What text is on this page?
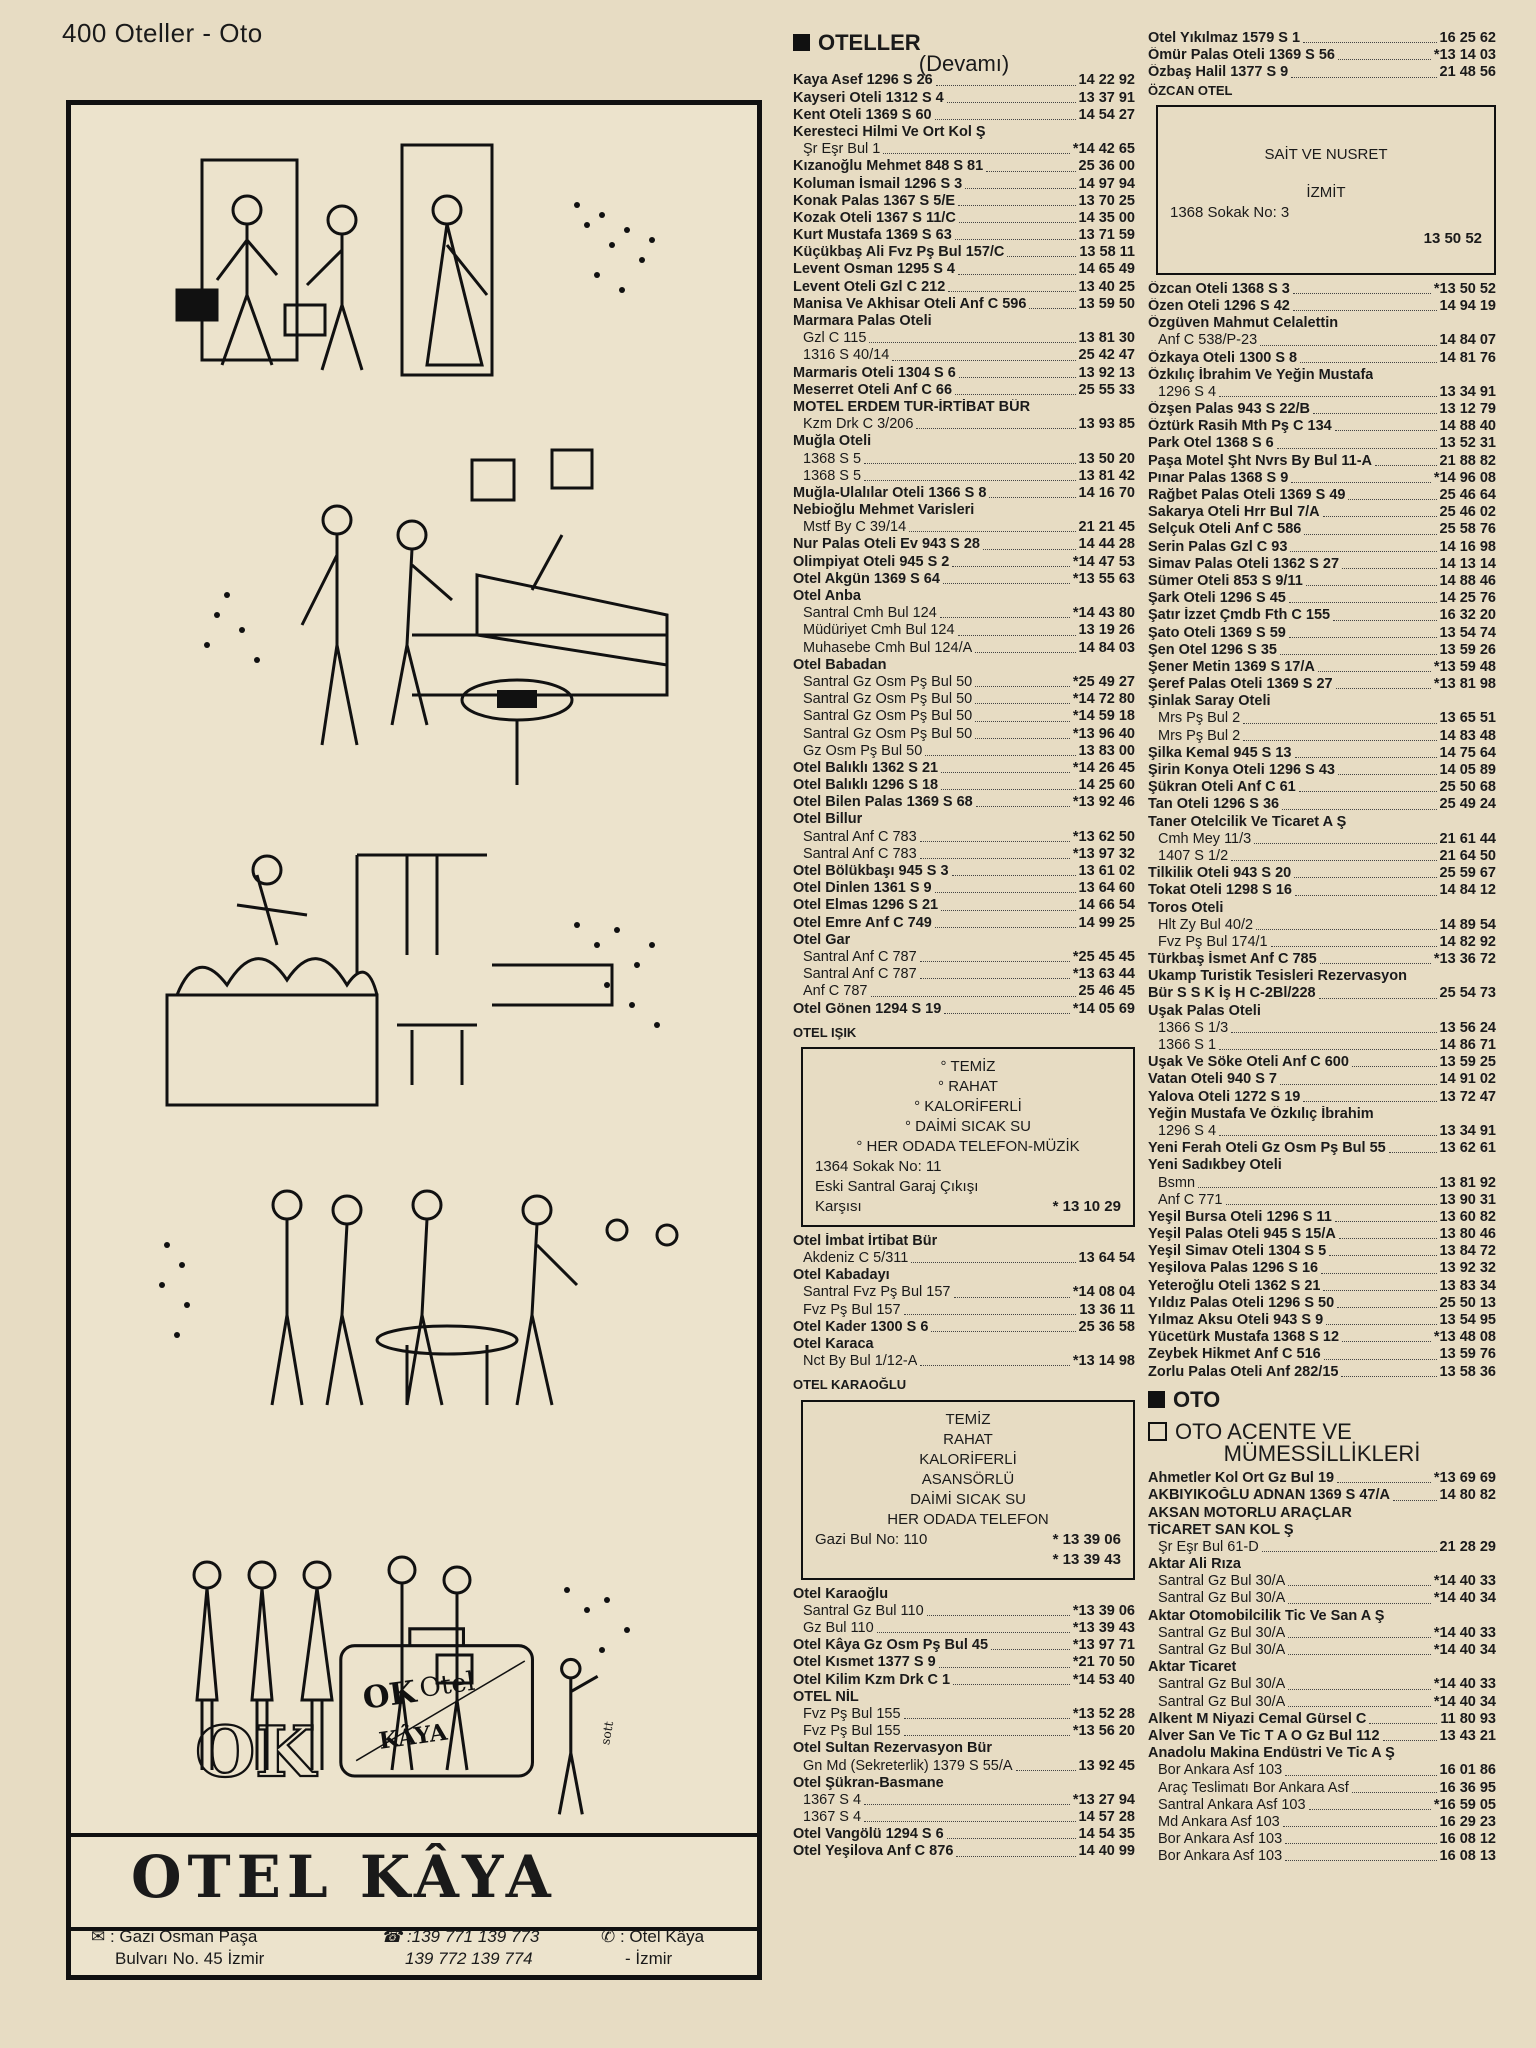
400 Oteller - Oto
OK Otel
KÂYA
OK	sott
OTEL KÂYA
✉ : Gazi Osman Paşa
Bulvarı No. 45 İzmir
☎ :139 771 139 773
139 772 139 774
✆ : Otel Kâya
- İzmir
OTELLER
(Devamı)
Kaya Asef 1296 S 26	14 22 92
Kayseri Oteli 1312 S 4	13 37 91
Kent Oteli 1369 S 60	14 54 27
Keresteci Hilmi Ve Ort Kol Ş
Şr Eşr Bul 1	*14 42 65
Kızanoğlu Mehmet 848 S 81	25 36 00
Koluman İsmail 1296 S 3	14 97 94
Konak Palas 1367 S 5/E	13 70 25
Kozak Oteli 1367 S 11/C	14 35 00
Kurt Mustafa 1369 S 63	13 71 59
Küçükbaş Ali Fvz Pş Bul 157/C	13 58 11
Levent Osman 1295 S 4	14 65 49
Levent Oteli Gzl C 212	13 40 25
Manisa Ve Akhisar Oteli Anf C 596	13 59 50
Marmara Palas Oteli
Gzl C 115	13 81 30
1316 S 40/14	25 42 47
Marmaris Oteli 1304 S 6	13 92 13
Meserret Oteli Anf C 66	25 55 33
MOTEL ERDEM TUR-İRTİBAT BÜR
Kzm Drk C 3/206	13 93 85
Muğla Oteli
1368 S 5	13 50 20
1368 S 5	13 81 42
Muğla-Ulalılar Oteli 1366 S 8	14 16 70
Nebioğlu Mehmet Varisleri
Mstf By C 39/14	21 21 45
Nur Palas Oteli Ev 943 S 28	14 44 28
Olimpiyat Oteli 945 S 2	*14 47 53
Otel Akgün 1369 S 64	*13 55 63
Otel Anba
Santral Cmh Bul 124	*14 43 80
Müdüriyet Cmh Bul 124	13 19 26
Muhasebe Cmh Bul 124/A	14 84 03
Otel Babadan
Santral Gz Osm Pş Bul 50	*25 49 27
Santral Gz Osm Pş Bul 50	*14 72 80
Santral Gz Osm Pş Bul 50	*14 59 18
Santral Gz Osm Pş Bul 50	*13 96 40
Gz Osm Pş Bul 50	13 83 00
Otel Balıklı 1362 S 21	*14 26 45
Otel Balıklı 1296 S 18	14 25 60
Otel Bilen Palas 1369 S 68	*13 92 46
Otel Billur
Santral Anf C 783	*13 62 50
Santral Anf C 783	*13 97 32
Otel Bölükbaşı 945 S 3	13 61 02
Otel Dinlen 1361 S 9	13 64 60
Otel Elmas 1296 S 21	14 66 54
Otel Emre Anf C 749	14 99 25
Otel Gar
Santral Anf C 787	*25 45 45
Santral Anf C 787	*13 63 44
Anf C 787	25 46 45
Otel Gönen 1294 S 19	*14 05 69
OTEL IŞIK
° TEMİZ
° RAHAT
° KALORİFERLİ
° DAİMİ SICAK SU
° HER ODADA TELEFON-MÜZİK
1364 Sokak No: 11
Eski Santral Garaj Çıkışı
Karşısı	* 13 10 29
Otel İmbat İrtibat Bür
Akdeniz C 5/311	13 64 54
Otel Kabadayı
Santral Fvz Pş Bul 157	*14 08 04
Fvz Pş Bul 157	13 36 11
Otel Kader 1300 S 6	25 36 58
Otel Karaca
Nct By Bul 1/12-A	*13 14 98
OTEL KARAOĞLU
TEMİZ
RAHAT
KALORİFERLİ
ASANSÖRLÜ
DAİMİ SICAK SU
HER ODADA TELEFON
Gazi Bul No: 110	* 13 39 06
* 13 39 43
Otel Karaoğlu
Santral Gz Bul 110	*13 39 06
Gz Bul 110	*13 39 43
Otel Kâya Gz Osm Pş Bul 45	*13 97 71
Otel Kısmet 1377 S 9	*21 70 50
Otel Kilim Kzm Drk C 1	*14 53 40
OTEL NİL
Fvz Pş Bul 155	*13 52 28
Fvz Pş Bul 155	*13 56 20
Otel Sultan Rezervasyon Bür
Gn Md (Sekreterlik) 1379 S 55/A	13 92 45
Otel Şükran-Basmane
1367 S 4	*13 27 94
1367 S 4	14 57 28
Otel Vangölü 1294 S 6	14 54 35
Otel Yeşilova Anf C 876	14 40 99
Otel Yıkılmaz 1579 S 1	16 25 62
Ömür Palas Oteli 1369 S 56	*13 14 03
Özbaş Halil 1377 S 9	21 48 56
ÖZCAN OTEL
SAİT VE NUSRET
İZMİT
1368 Sokak No: 3
13 50 52
Özcan Oteli 1368 S 3	*13 50 52
Özen Oteli 1296 S 42	14 94 19
Özgüven Mahmut Celalettin
Anf C 538/P-23	14 84 07
Özkaya Oteli 1300 S 8	14 81 76
Özkılıç İbrahim Ve Yeğin Mustafa
1296 S 4	13 34 91
Özşen Palas 943 S 22/B	13 12 79
Öztürk Rasih Mth Pş C 134	14 88 40
Park Otel 1368 S 6	13 52 31
Paşa Motel Şht Nvrs By Bul 11-A	21 88 82
Pınar Palas 1368 S 9	*14 96 08
Rağbet Palas Oteli 1369 S 49	25 46 64
Sakarya Oteli Hrr Bul 7/A	25 46 02
Selçuk Oteli Anf C 586	25 58 76
Serin Palas Gzl C 93	14 16 98
Simav Palas Oteli 1362 S 27	14 13 14
Sümer Oteli 853 S 9/11	14 88 46
Şark Oteli 1296 S 45	14 25 76
Şatır İzzet Çmdb Fth C 155	16 32 20
Şato Oteli 1369 S 59	13 54 74
Şen Otel 1296 S 35	13 59 26
Şener Metin 1369 S 17/A	*13 59 48
Şeref Palas Oteli 1369 S 27	*13 81 98
Şinlak Saray Oteli
Mrs Pş Bul 2	13 65 51
Mrs Pş Bul 2	14 83 48
Şilka Kemal 945 S 13	14 75 64
Şirin Konya Oteli 1296 S 43	14 05 89
Şükran Oteli Anf C 61	25 50 68
Tan Oteli 1296 S 36	25 49 24
Taner Otelcilik Ve Ticaret A Ş
Cmh Mey 11/3	21 61 44
1407 S 1/2	21 64 50
Tilkilik Oteli 943 S 20	25 59 67
Tokat Oteli 1298 S 16	14 84 12
Toros Oteli
Hlt Zy Bul 40/2	14 89 54
Fvz Pş Bul 174/1	14 82 92
Türkbaş İsmet Anf C 785	*13 36 72
Ukamp Turistik Tesisleri Rezervasyon
Bür S S K İş H C-2Bl/228	25 54 73
Uşak Palas Oteli
1366 S 1/3	13 56 24
1366 S 1	14 86 71
Uşak Ve Söke Oteli Anf C 600	13 59 25
Vatan Oteli 940 S 7	14 91 02
Yalova Oteli 1272 S 19	13 72 47
Yeğin Mustafa Ve Özkılıç İbrahim
1296 S 4	13 34 91
Yeni Ferah Oteli Gz Osm Pş Bul 55	13 62 61
Yeni Sadıkbey Oteli
Bsmn	13 81 92
Anf C 771	13 90 31
Yeşil Bursa Oteli 1296 S 11	13 60 82
Yeşil Palas Oteli 945 S 15/A	13 80 46
Yeşil Simav Oteli 1304 S 5	13 84 72
Yeşilova Palas 1296 S 16	13 92 32
Yeteroğlu Oteli 1362 S 21	13 83 34
Yıldız Palas Oteli 1296 S 50	25 50 13
Yılmaz Aksu Oteli 943 S 9	13 54 95
Yücetürk Mustafa 1368 S 12	*13 48 08
Zeybek Hikmet Anf C 516	13 59 76
Zorlu Palas Oteli Anf 282/15	13 58 36
OTO
OTO ACENTE VE
MÜMESSİLLİKLERİ
Ahmetler Kol Ort Gz Bul 19	*13 69 69
AKBIYIKOĞLU ADNAN 1369 S 47/A	14 80 82
AKSAN MOTORLU ARAÇLAR
TİCARET SAN KOL Ş
Şr Eşr Bul 61-D	21 28 29
Aktar Ali Rıza
Santral Gz Bul 30/A	*14 40 33
Santral Gz Bul 30/A	*14 40 34
Aktar Otomobilcilik Tic Ve San A Ş
Santral Gz Bul 30/A	*14 40 33
Santral Gz Bul 30/A	*14 40 34
Aktar Ticaret
Santral Gz Bul 30/A	*14 40 33
Santral Gz Bul 30/A	*14 40 34
Alkent M Niyazi Cemal Gürsel C	11 80 93
Alver San Ve Tic T A O Gz Bul 112	13 43 21
Anadolu Makina Endüstri Ve Tic A Ş
Bor Ankara Asf 103	16 01 86
Araç Teslimatı Bor Ankara Asf	16 36 95
Santral Ankara Asf 103	*16 59 05
Md Ankara Asf 103	16 29 23
Bor Ankara Asf 103	16 08 12
Bor Ankara Asf 103	16 08 13
